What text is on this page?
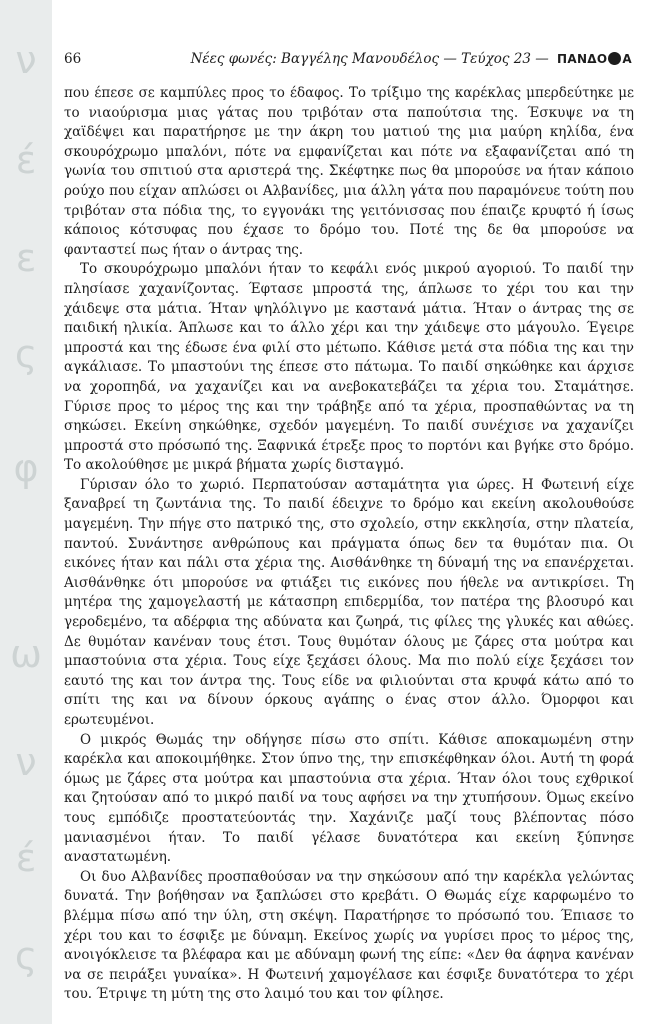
ν
έ
ε
ς
φ
ω
ν
έ
ς
66	Νέες φωνές: Βαγγέλης Μανουδέλος — Τεύχος 23 — ΠΑΝΔΟ Α

που έπεσε σε καμπύλες προς το έδαφος. Το τρίξιμο της καρέκλας μπερδεύτηκε με το νιαούρισμα μιας γάτας που τριβόταν στα παπούτσια της. Έσκυψε να τη χαϊδέψει και παρατήρησε με την άκρη του ματιού της μια μαύρη κηλίδα, ένα σκουρόχρωμο μπαλόνι, πότε να εμφανίζεται και πότε να εξαφανίζεται από τη γωνία του σπιτιού στα αριστερά της. Σκέφτηκε πως θα μπορούσε να ήταν κάποιο ρούχο που είχαν απλώσει οι Αλβανίδες, μια άλλη γάτα που παραμόνευε τούτη που τριβόταν στα πόδια της, το εγγονάκι της γειτόνισσας που έπαιζε κρυφτό ή ίσως κάποιος κότσυφας που έχασε το δρόμο του. Ποτέ της δε θα μπορούσε να φανταστεί πως ήταν ο άντρας της.

Το σκουρόχρωμο μπαλόνι ήταν το κεφάλι ενός μικρού αγοριού. Το παιδί την πλησίασε χαχανίζοντας. Έφτασε μπροστά της, άπλωσε το χέρι του και την χάιδεψε στα μάτια. Ήταν ψηλόλιγνο με καστανά μάτια. Ήταν ο άντρας της σε παιδική ηλικία. Άπλωσε και το άλλο χέρι και την χάιδεψε στο μάγουλο. Έγειρε μπροστά και της έδωσε ένα φιλί στο μέτωπο. Κάθισε μετά στα πόδια της και την αγκάλιασε. Το μπαστούνι της έπεσε στο πάτωμα. Το παιδί σηκώθηκε και άρχισε να χοροπηδά, να χαχανίζει και να ανεβοκατεβάζει τα χέρια του. Σταμάτησε. Γύρισε προς το μέρος της και την τράβηξε από τα χέρια, προσπαθώντας να τη σηκώσει. Εκείνη σηκώθηκε, σχεδόν μαγεμένη. Το παιδί συνέχισε να χαχανίζει μπροστά στο πρόσωπό της. Ξαφνικά έτρεξε προς το πορτόνι και βγήκε στο δρόμο. Το ακολούθησε με μικρά βήματα χωρίς δισταγμό.

Γύρισαν όλο το χωριό. Περπατούσαν ασταμάτητα για ώρες. Η Φωτεινή είχε ξαναβρεί τη ζωντάνια της. Το παιδί έδειχνε το δρόμο και εκείνη ακολουθούσε μαγεμένη. Την πήγε στο πατρικό της, στο σχολείο, στην εκκλησία, στην πλατεία, παντού. Συνάντησε ανθρώπους και πράγματα όπως δεν τα θυμόταν πια. Οι εικόνες ήταν και πάλι στα χέρια της. Αισθάνθηκε τη δύναμή της να επανέρχεται. Αισθάνθηκε ότι μπορούσε να φτιάξει τις εικόνες που ήθελε να αντικρίσει. Τη μητέρα της χαμογελαστή με κάτασπρη επιδερμίδα, τον πατέρα της βλοσυρό και γεροδεμένο, τα αδέρφια της αδύνατα και ζωηρά, τις φίλες της γλυκές και αθώες. Δε θυμόταν κανέναν τους έτσι. Τους θυμόταν όλους με ζάρες στα μούτρα και μπαστούνια στα χέρια. Τους είχε ξεχάσει όλους. Μα πιο πολύ είχε ξεχάσει τον εαυτό της και τον άντρα της. Τους είδε να φιλιούνται στα κρυφά κάτω από το σπίτι της και να δίνουν όρκους αγάπης ο ένας στον άλλο. Όμορφοι και ερωτευμένοι.

Ο μικρός Θωμάς την οδήγησε πίσω στο σπίτι. Κάθισε αποκαμωμένη στην καρέκλα και αποκοιμήθηκε. Στον ύπνο της, την επισκέφθηκαν όλοι. Αυτή τη φορά όμως με ζάρες στα μούτρα και μπαστούνια στα χέρια. Ήταν όλοι τους εχθρικοί και ζητούσαν από το μικρό παιδί να τους αφήσει να την χτυπήσουν. Όμως εκείνο τους εμπόδιζε προστατεύοντάς την. Χαχάνιζε μαζί τους βλέποντας πόσο μανιασμένοι ήταν. Το παιδί γέλασε δυνατότερα και εκείνη ξύπνησε αναστατωμένη.

Οι δυο Αλβανίδες προσπαθούσαν να την σηκώσουν από την καρέκλα γελώντας δυνατά. Την βοήθησαν να ξαπλώσει στο κρεβάτι. Ο Θωμάς είχε καρφωμένο το βλέμμα πίσω από την ύλη, στη σκέψη. Παρατήρησε το πρόσωπό του. Έπιασε το χέρι του και το έσφιξε με δύναμη. Εκείνος χωρίς να γυρίσει προς το μέρος της, ανοιγόκλεισε τα βλέφαρα και με αδύναμη φωνή της είπε: «Δεν θα άφηνα κανέναν να σε πειράξει γυναίκα». Η Φωτεινή χαμογέλασε και έσφιξε δυνατότερα το χέρι του. Έτριψε τη μύτη της στο λαιμό του και τον φίλησε.
